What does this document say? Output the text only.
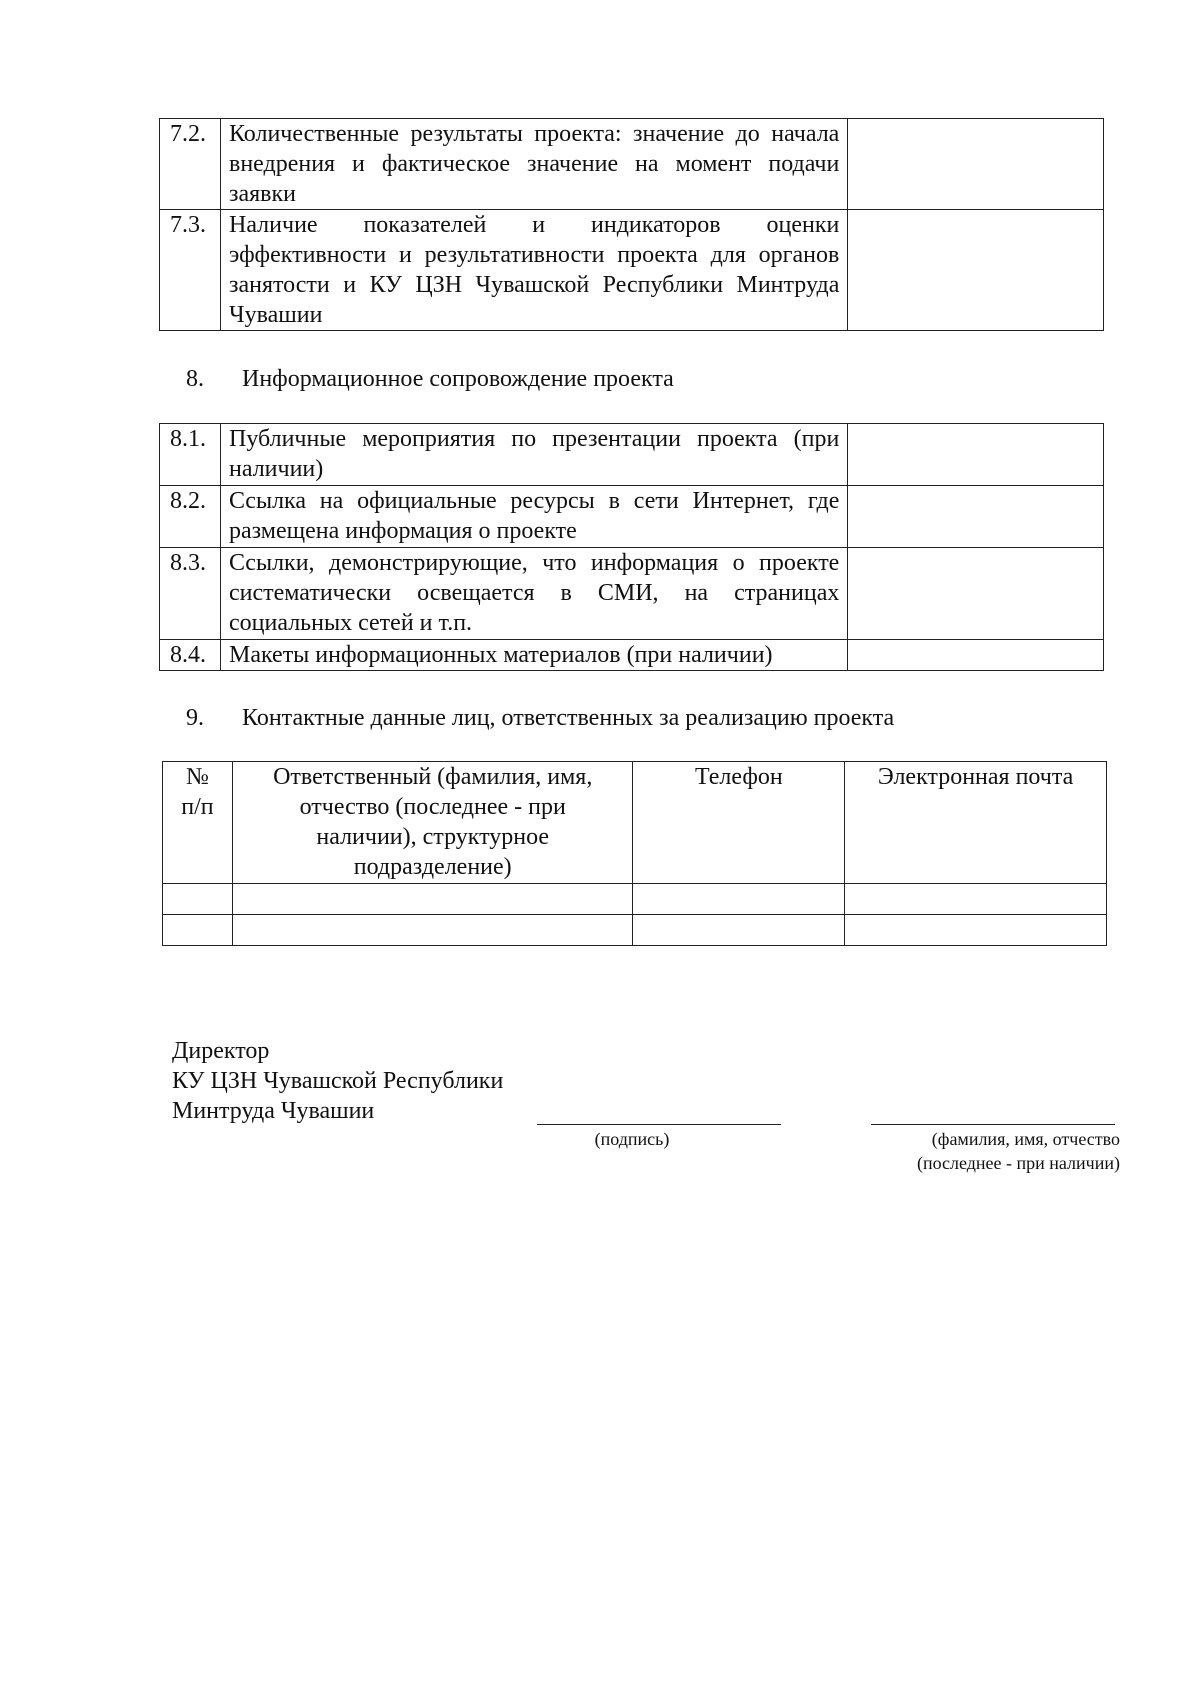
7.2.	Количественные результаты проекта: значение до начала внедрения и фактическое значение на момент подачи заявки	
7.3.	Наличие показателей и индикаторов оценки эффективности и результативности проекта для органов занятости и КУ ЦЗН Чувашской Республики Минтруда Чувашии	
8. Информационное сопровождение проекта
8.1.	Публичные мероприятия по презентации проекта (при наличии)	
8.2.	Ссылка на официальные ресурсы в сети Интернет, где размещена информация о проекте	
8.3.	Ссылки, демонстрирующие, что информация о проекте систематически освещается в СМИ, на страницах социальных сетей и т.п.	
8.4.	Макеты информационных материалов (при наличии)	
9. Контактные данные лиц, ответственных за реализацию проекта
№ п/п	Ответственный (фамилия, имя, отчество (последнее - при наличии), структурное подразделение)	Телефон	Электронная почта

Директор
КУ ЦЗН Чувашской Республики
Минтруда Чувашии
(подпись)	(фамилия, имя, отчество
(последнее - при наличии)
